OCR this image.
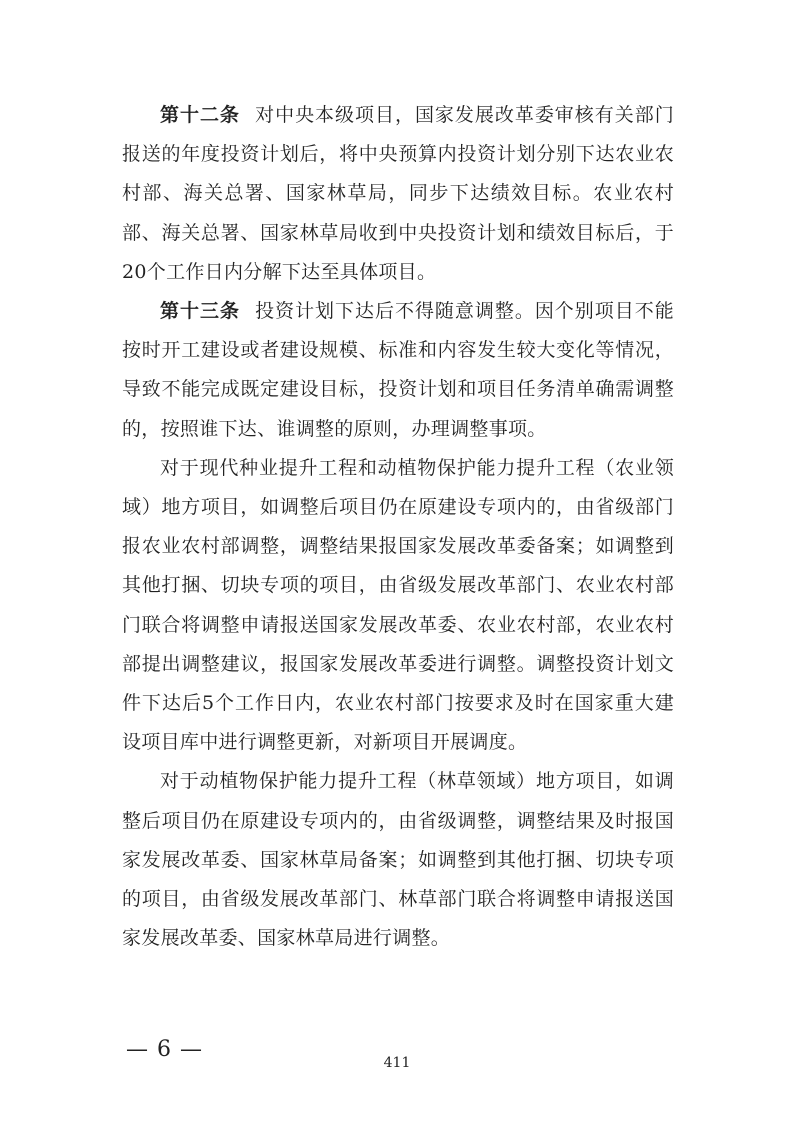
第十二条 对中央本级项目，国家发展改革委审核有关部门报送的年度投资计划后，将中央预算内投资计划分别下达农业农村部、海关总署、国家林草局，同步下达绩效目标。农业农村部、海关总署、国家林草局收到中央投资计划和绩效目标后，于20个工作日内分解下达至具体项目。

第十三条 投资计划下达后不得随意调整。因个别项目不能按时开工建设或者建设规模、标准和内容发生较大变化等情况，导致不能完成既定建设目标，投资计划和项目任务清单确需调整的，按照谁下达、谁调整的原则，办理调整事项。

对于现代种业提升工程和动植物保护能力提升工程（农业领域）地方项目，如调整后项目仍在原建设专项内的，由省级部门报农业农村部调整，调整结果报国家发展改革委备案；如调整到其他打捆、切块专项的项目，由省级发展改革部门、农业农村部门联合将调整申请报送国家发展改革委、农业农村部，农业农村部提出调整建议，报国家发展改革委进行调整。调整投资计划文件下达后5个工作日内，农业农村部门按要求及时在国家重大建设项目库中进行调整更新，对新项目开展调度。

对于动植物保护能力提升工程（林草领域）地方项目，如调整后项目仍在原建设专项内的，由省级调整，调整结果及时报国家发展改革委、国家林草局备案；如调整到其他打捆、切块专项的项目，由省级发展改革部门、林草部门联合将调整申请报送国家发展改革委、国家林草局进行调整。

— 6 —
411
